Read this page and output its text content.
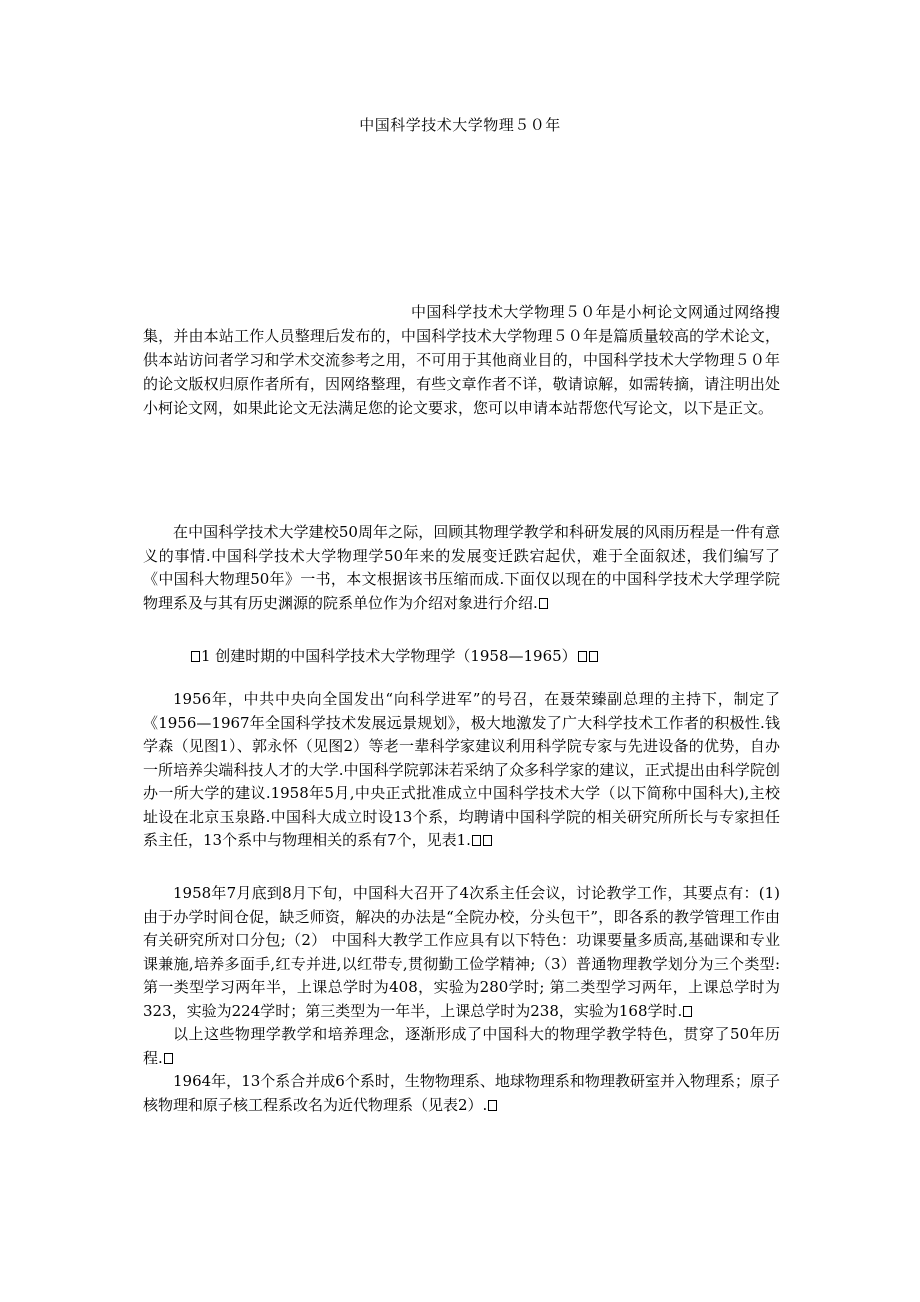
中国科学技术大学物理５０年
中国科学技术大学物理５０年是小柯论文网通过网络搜集，并由本站工作人员整理后发布的，中国科学技术大学物理５０年是篇质量较高的学术论文，供本站访问者学习和学术交流参考之用，不可用于其他商业目的，中国科学技术大学物理５０年的论文版权归原作者所有，因网络整理，有些文章作者不详，敬请谅解，如需转摘，请注明出处小柯论文网，如果此论文无法满足您的论文要求，您可以申请本站帮您代写论文，以下是正文。

在中国科学技术大学建校50周年之际，回顾其物理学教学和科研发展的风雨历程是一件有意义的事情.中国科学技术大学物理学50年来的发展变迁跌宕起伏，难于全面叙述，我们编写了《中国科大物理50年》一书，本文根据该书压缩而成.下面仅以现在的中国科学技术大学理学院物理系及与其有历史渊源的院系单位作为介绍对象进行介绍.

1 创建时期的中国科学技术大学物理学（1958—1965）

1956年，中共中央向全国发出“向科学进军”的号召，在聂荣臻副总理的主持下，制定了《1956—1967年全国科学技术发展远景规划》，极大地激发了广大科学技术工作者的积极性.钱学森（见图1）、郭永怀（见图2）等老一辈科学家建议利用科学院专家与先进设备的优势，自办一所培养尖端科技人才的大学.中国科学院郭沫若采纳了众多科学家的建议，正式提出由科学院创办一所大学的建议.1958年5月,中央正式批准成立中国科学技术大学（以下简称中国科大),主校址设在北京玉泉路.中国科大成立时设13个系，均聘请中国科学院的相关研究所所长与专家担任系主任，13个系中与物理相关的系有7个，见表1.

1958年7月底到8月下旬，中国科大召开了4次系主任会议，讨论教学工作，其要点有：(1)由于办学时间仓促，缺乏师资，解决的办法是“全院办校，分头包干”，即各系的教学管理工作由有关研究所对口分包;（2） 中国科大教学工作应具有以下特色：功课要量多质高,基础课和专业课兼施,培养多面手,红专并进,以红带专,贯彻勤工俭学精神;（3）普通物理教学划分为三个类型:第一类型学习两年半，上课总学时为408，实验为280学时; 第二类型学习两年，上课总学时为323，实验为224学时；第三类型为一年半，上课总学时为238，实验为168学时.

以上这些物理学教学和培养理念，逐渐形成了中国科大的物理学教学特色，贯穿了50年历程.

1964年，13个系合并成6个系时，生物物理系、地球物理系和物理教研室并入物理系；原子核物理和原子核工程系改名为近代物理系（见表2）.
